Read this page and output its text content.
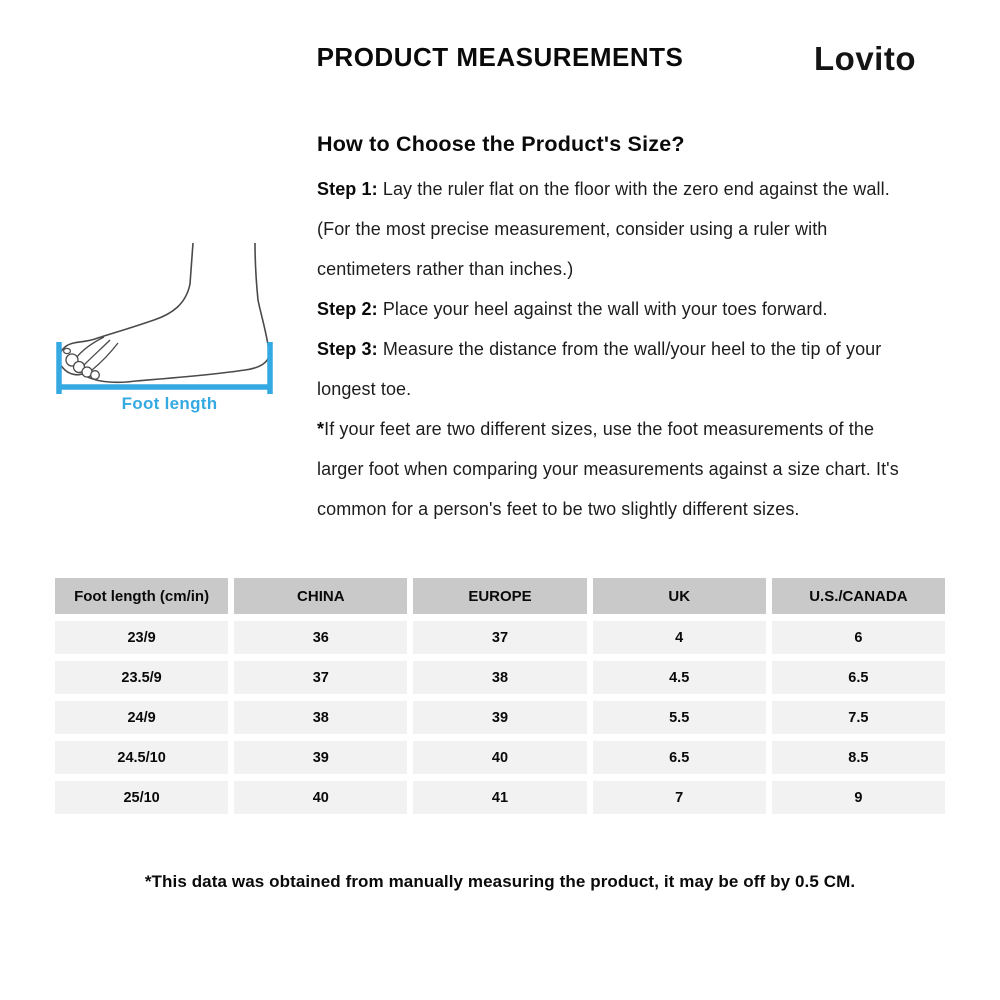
PRODUCT MEASUREMENTS	Lovito
How to Choose the Product's Size?

Step 1: Lay the ruler flat on the floor with the zero end against the wall. (For the most precise measurement, consider using a ruler with centimeters rather than inches.)

Step 2: Place your heel against the wall with your toes forward.

Step 3: Measure the distance from the wall/your heel to the tip of your longest toe.

*If your feet are two different sizes, use the foot measurements of the larger foot when comparing your measurements against a size chart. It's common for a person's feet to be two slightly different sizes.

Foot length
Foot length (cm/in)	CHINA	EUROPE	UK	U.S./CANADA
23/9	36	37	4	6
23.5/9	37	38	4.5	6.5
24/9	38	39	5.5	7.5
24.5/10	39	40	6.5	8.5
25/10	40	41	7	9
*This data was obtained from manually measuring the product, it may be off by 0.5 CM.
